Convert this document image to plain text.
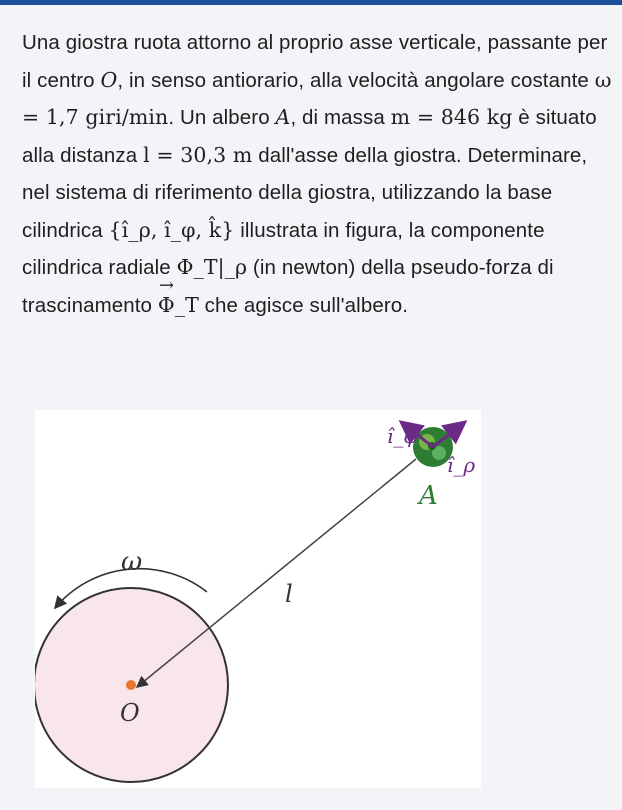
Una giostra ruota attorno al proprio asse verticale, passante per il centro O, in senso antiorario, alla velocità angolare costante ω = 1,7 giri/min. Un albero A, di massa m = 846 kg è situato alla distanza l = 30,3 m dall'asse della giostra. Determinare, nel sistema di riferimento della giostra, utilizzando la base cilindrica {î_ρ, î_φ, k̂} illustrata in figura, la componente cilindrica radiale Φ_T|_ρ (in newton) della pseudo-forza di trascinamento → Φ_T che agisce sull'albero.

ω
l
O
î_ρ
î_φ
A
